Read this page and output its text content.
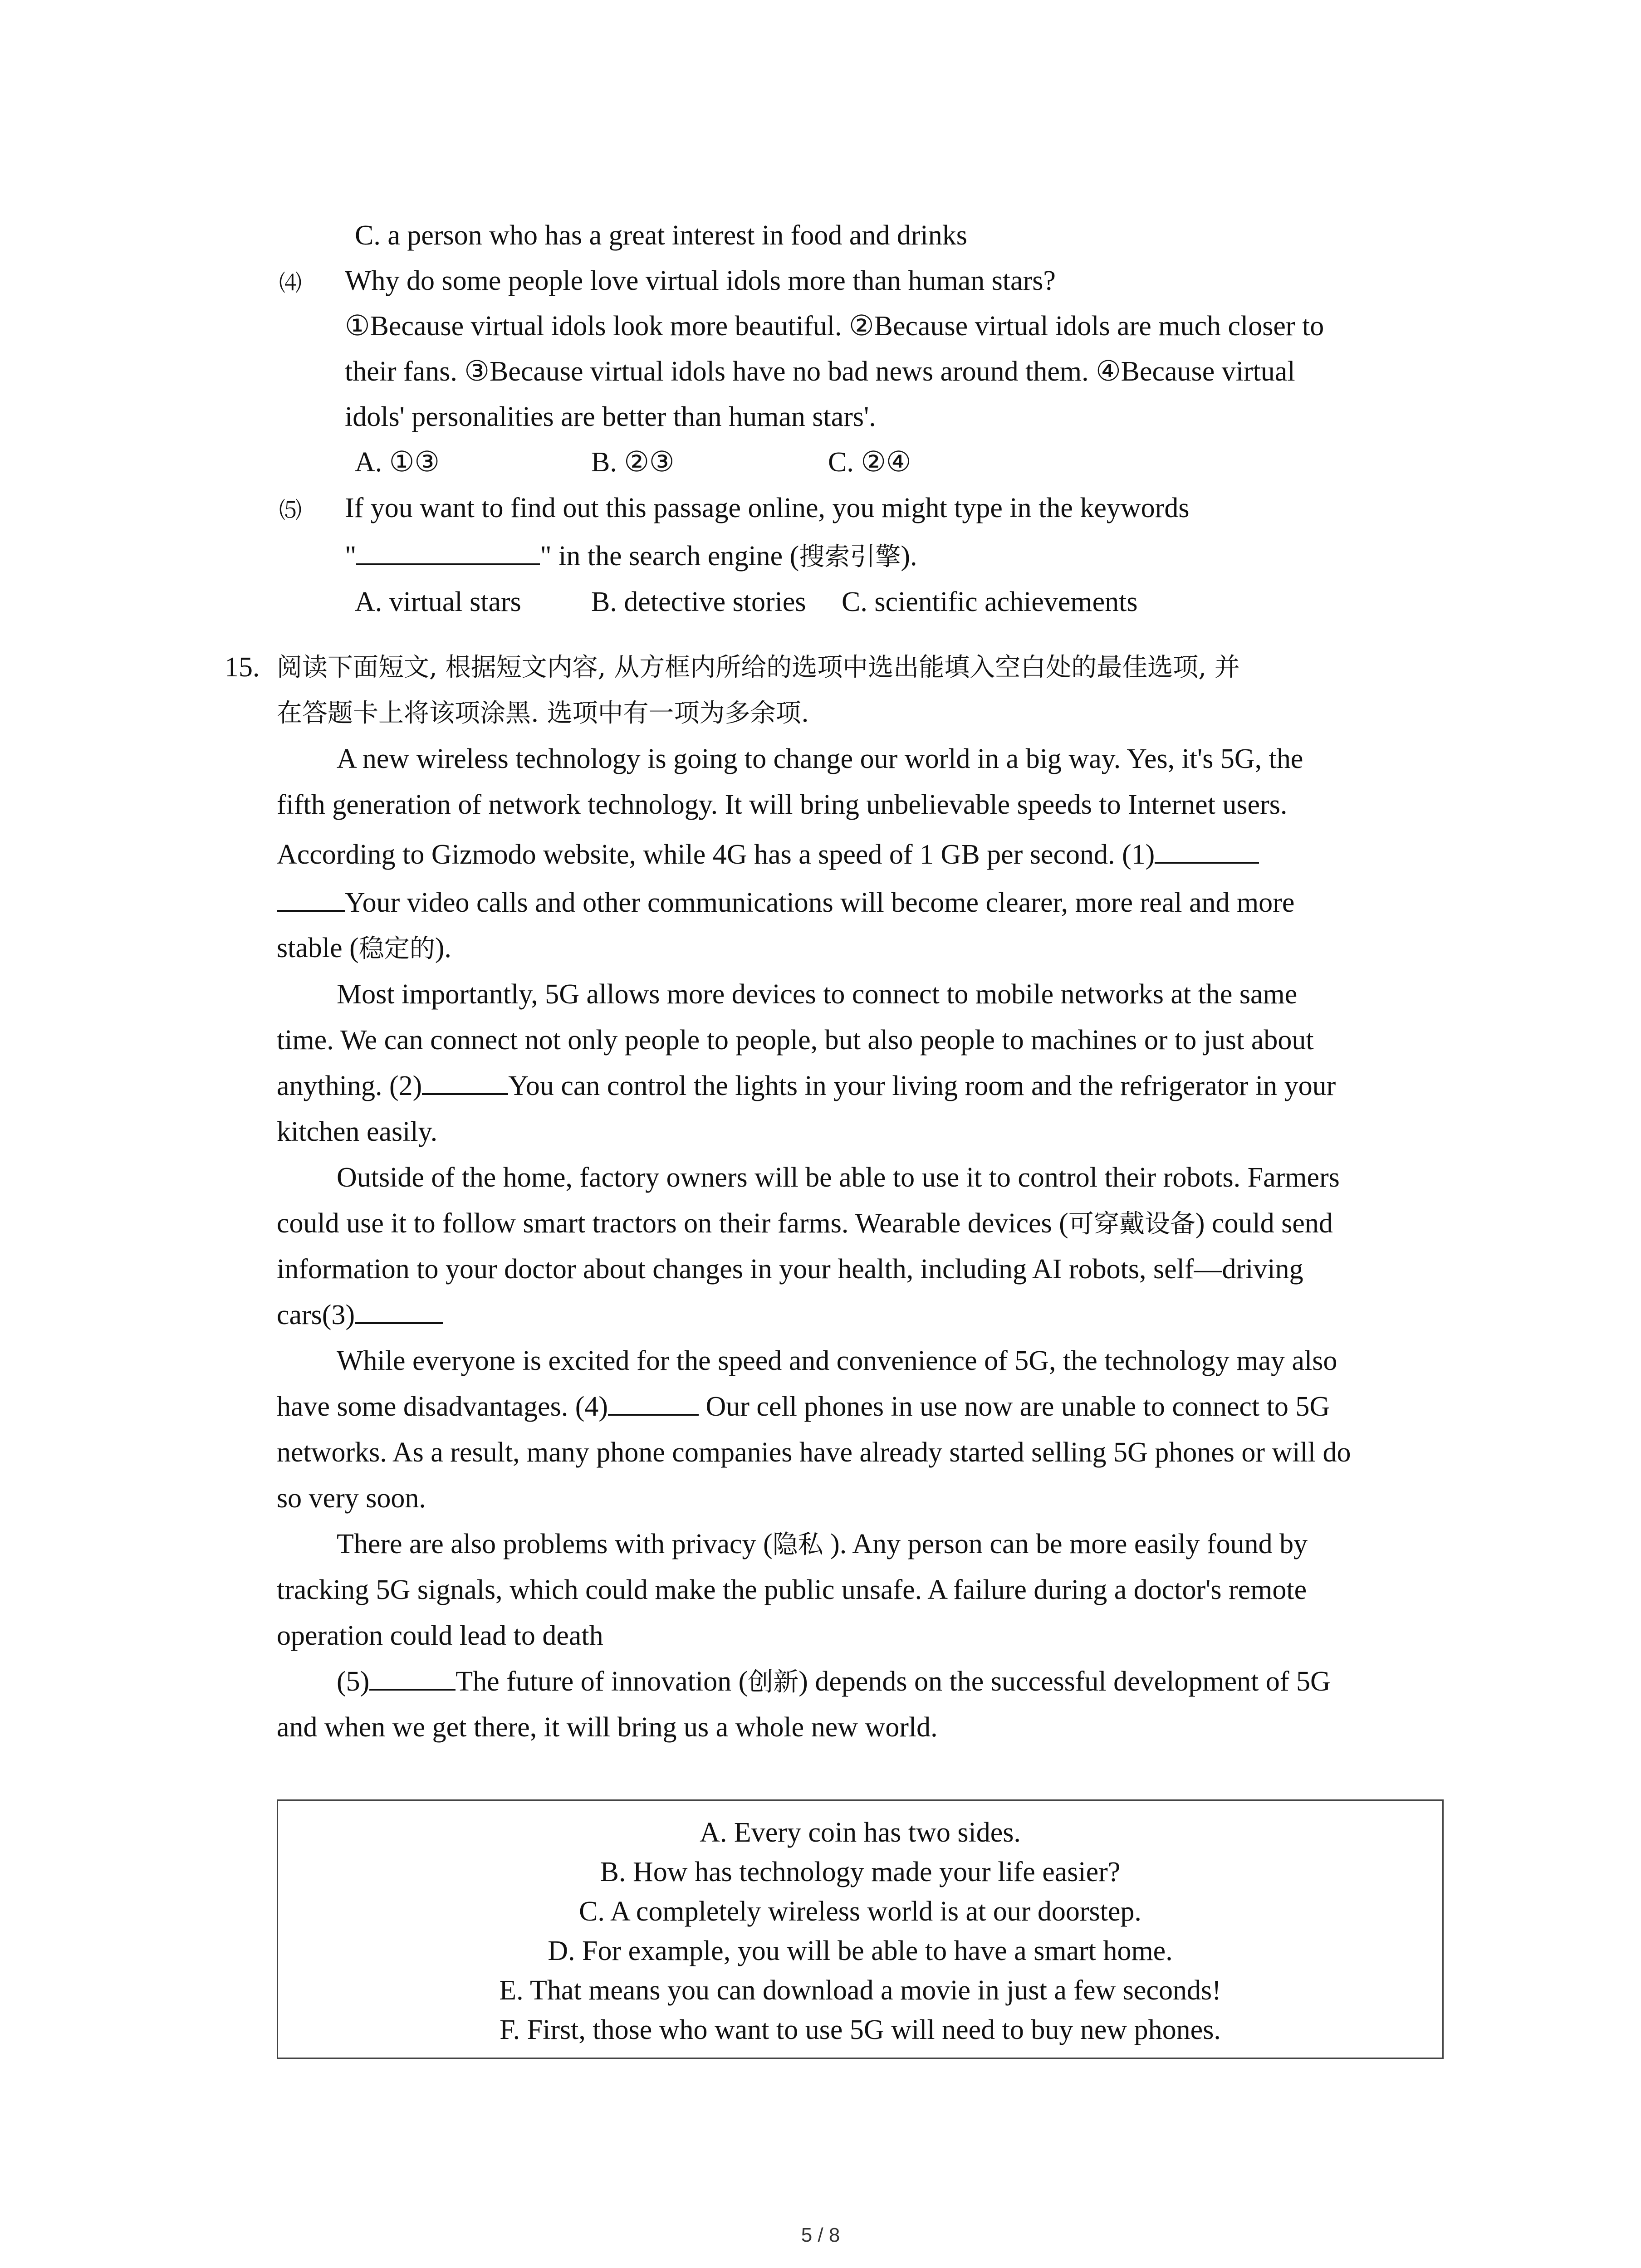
C. a person who has a great interest in food and drinks
⑷ Why do some people love virtual idols more than human stars?
①Because virtual idols look more beautiful. ②Because virtual idols are much closer to
their fans. ③Because virtual idols have no bad news around them. ④Because virtual
idols' personalities are better than human stars'.
A. ①③	B. ②③	C. ②④
⑸ If you want to find out this passage online, you might type in the keywords
"	" in the search engine (搜索引擎).
A. virtual stars B. detective stories C. scientific achievements
15. 阅读下面短文, 根据短文内容, 从方框内所给的选项中选出能填入空白处的最佳选项, 并
在答题卡上将该项涂黑. 选项中有一项为多余项.
A new wireless technology is going to change our world in a big way. Yes, it's 5G, the
fifth generation of network technology. It will bring unbelievable speeds to Internet users.
According to Gizmodo website, while 4G has a speed of 1 GB per second. (1)
Your video calls and other communications will become clearer, more real and more
stable (稳定的).
Most importantly, 5G allows more devices to connect to mobile networks at the same
time. We can connect not only people to people, but also people to machines or to just about
anything. (2)	You can control the lights in your living room and the refrigerator in your
kitchen easily.
Outside of the home, factory owners will be able to use it to control their robots. Farmers
could use it to follow smart tractors on their farms. Wearable devices (可穿戴设备) could send
information to your doctor about changes in your health, including AI robots, self—driving
cars(3)
While everyone is excited for the speed and convenience of 5G, the technology may also
have some disadvantages. (4)	Our cell phones in use now are unable to connect to 5G
networks. As a result, many phone companies have already started selling 5G phones or will do
so very soon.
There are also problems with privacy (隐私 ). Any person can be more easily found by
tracking 5G signals, which could make the public unsafe. A failure during a doctor's remote
operation could lead to death
(5)	The future of innovation (创新) depends on the successful development of 5G
and when we get there, it will bring us a whole new world.
A. Every coin has two sides.
B. How has technology made your life easier?
C. A completely wireless world is at our doorstep.
D. For example, you will be able to have a smart home.
E. That means you can download a movie in just a few seconds!
F. First, those who want to use 5G will need to buy new phones.
5 / 8
